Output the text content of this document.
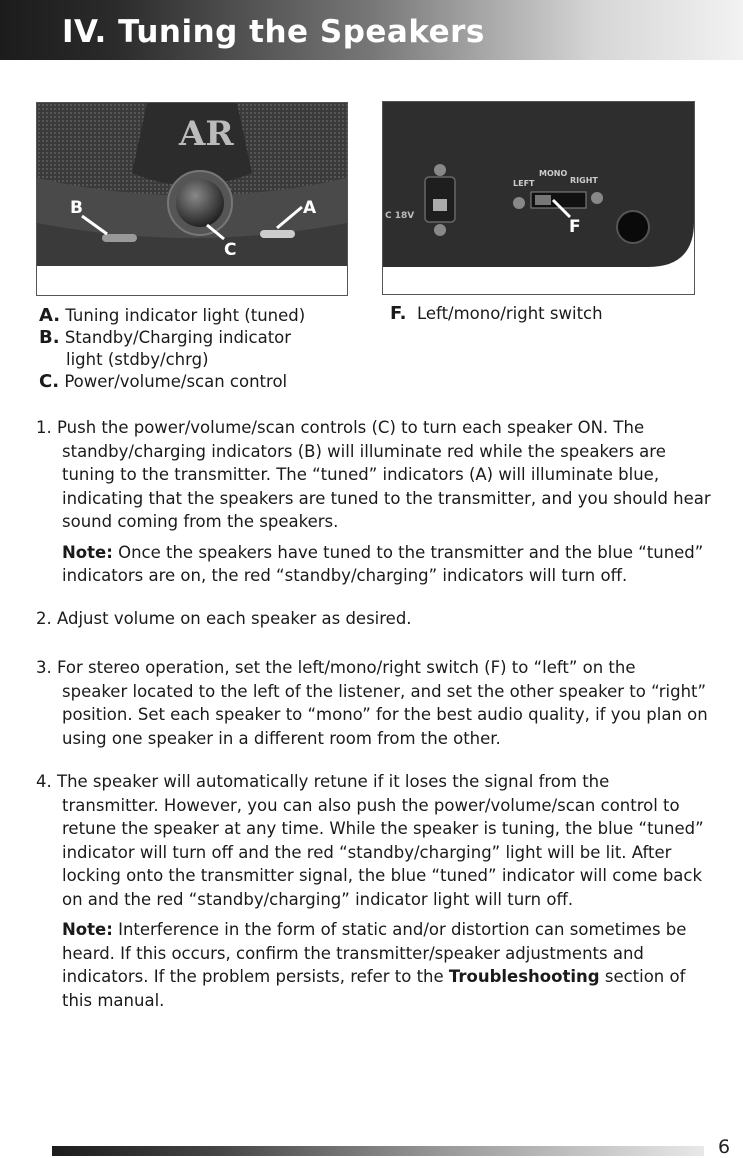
IV. Tuning the Speakers
AR
B	A
C
LEFT
MONO
RIGHT
C 18V
F
A. Tuning indicator light (tuned)
B. Standby/Charging indicator
light (stdby/chrg)
C. Power/volume/scan control
F. Left/mono/right switch
1. Push the power/volume/scan controls (C) to turn each speaker ON. The
standby/charging indicators (B) will illuminate red while the speakers are tuning to the transmitter. The “tuned” indicators (A) will illuminate blue, indicating that the speakers are tuned to the transmitter, and you should hear sound coming from the speakers.
Note: Once the speakers have tuned to the transmitter and the blue “tuned” indicators are on, the red “standby/charging” indicators will turn off.
2. Adjust volume on each speaker as desired.
3. For stereo operation, set the left/mono/right switch (F) to “left” on the
speaker located to the left of the listener, and set the other speaker to “right” position. Set each speaker to “mono” for the best audio quality, if you plan on using one speaker in a different room from the other.
4. The speaker will automatically retune if it loses the signal from the
transmitter. However, you can also push the power/volume/scan control to retune the speaker at any time. While the speaker is tuning, the blue “tuned” indicator will turn off and the red “standby/charging” light will be lit. After locking onto the transmitter signal, the blue “tuned” indicator will come back on and the red “standby/charging” indicator light will turn off.
Note: Interference in the form of static and/or distortion can sometimes be heard. If this occurs, confirm the transmitter/speaker adjustments and indicators. If the problem persists, refer to the Troubleshooting section of this manual.
6
